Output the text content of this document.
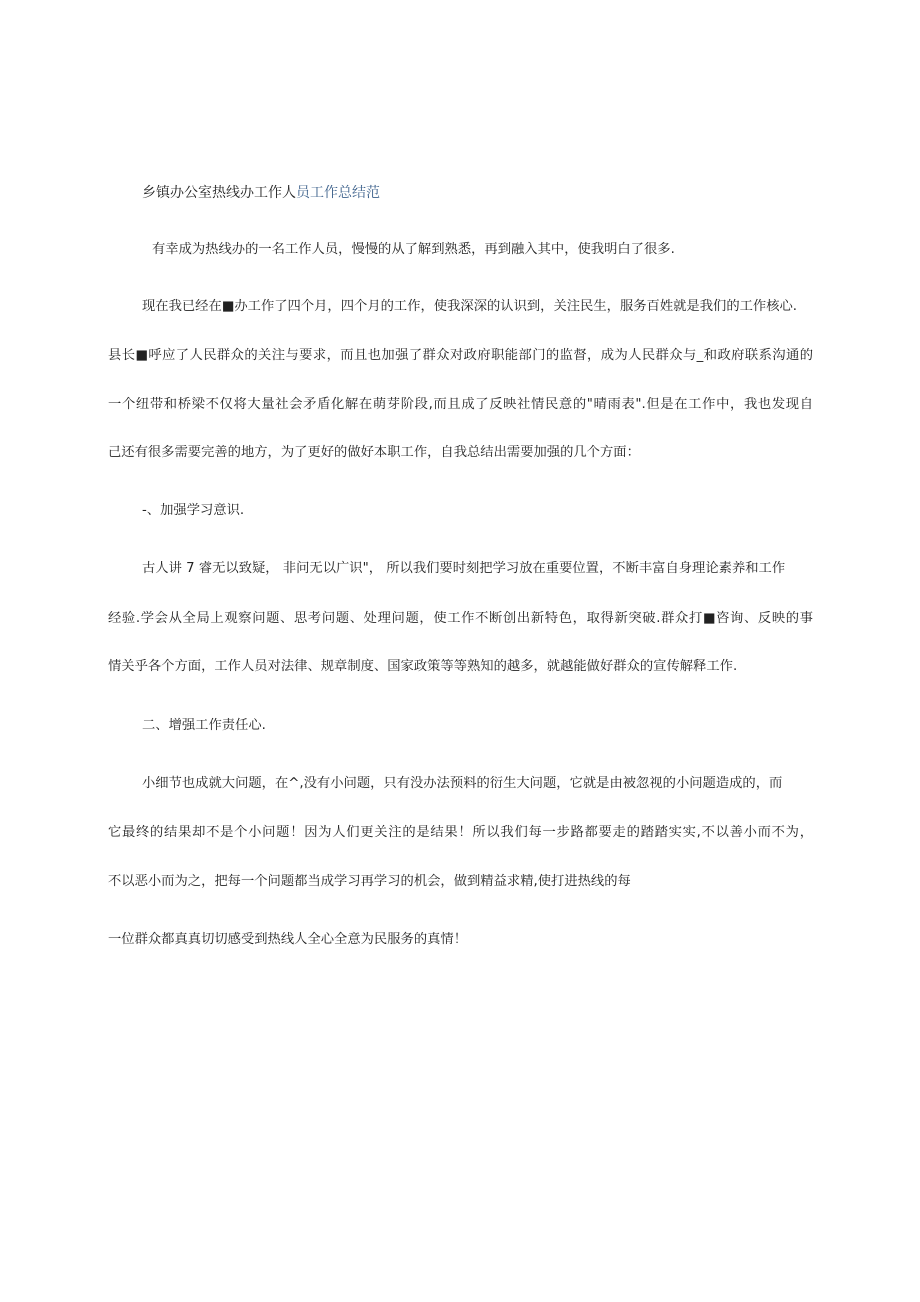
乡镇办公室热线办工作人员工作总结范
有幸成为热线办的一名工作人员，慢慢的从了解到熟悉，再到融入其中，使我明白了很多.
现在我已经在■办工作了四个月，四个月的工作，使我深深的认识到，关注民生，服务百姓就是我们的工作核心.
县长■呼应了人民群众的关注与要求，而且也加强了群众对政府职能部门的监督，成为人民群众与_和政府联系沟通的
一个纽带和桥梁不仅将大量社会矛盾化解在萌芽阶段,而且成了反映社情民意的"晴雨表".但是在工作中，我也发现自
己还有很多需要完善的地方，为了更好的做好本职工作，自我总结出需要加强的几个方面：
-、加强学习意识.
古人讲 7 睿无以致疑， 非问无以广识"， 所以我们要时刻把学习放在重要位置，不断丰富自身理论素养和工作
经验.学会从全局上观察问题、思考问题、处理问题，使工作不断创出新特色，取得新突破.群众打■咨询、反映的事
情关乎各个方面，工作人员对法律、规章制度、国家政策等等熟知的越多，就越能做好群众的宣传解释工作.
二、增强工作责任心.
小细节也成就大问题，在^,没有小问题，只有没办法预料的衍生大问题，它就是由被忽视的小问题造成的，而
它最终的结果却不是个小问题！因为人们更关注的是结果！所以我们每一步路都要走的踏踏实实,不以善小而不为，
不以恶小而为之，把每一个问题都当成学习再学习的机会，做到精益求精,使打进热线的每
一位群众都真真切切感受到热线人全心全意为民服务的真情！
